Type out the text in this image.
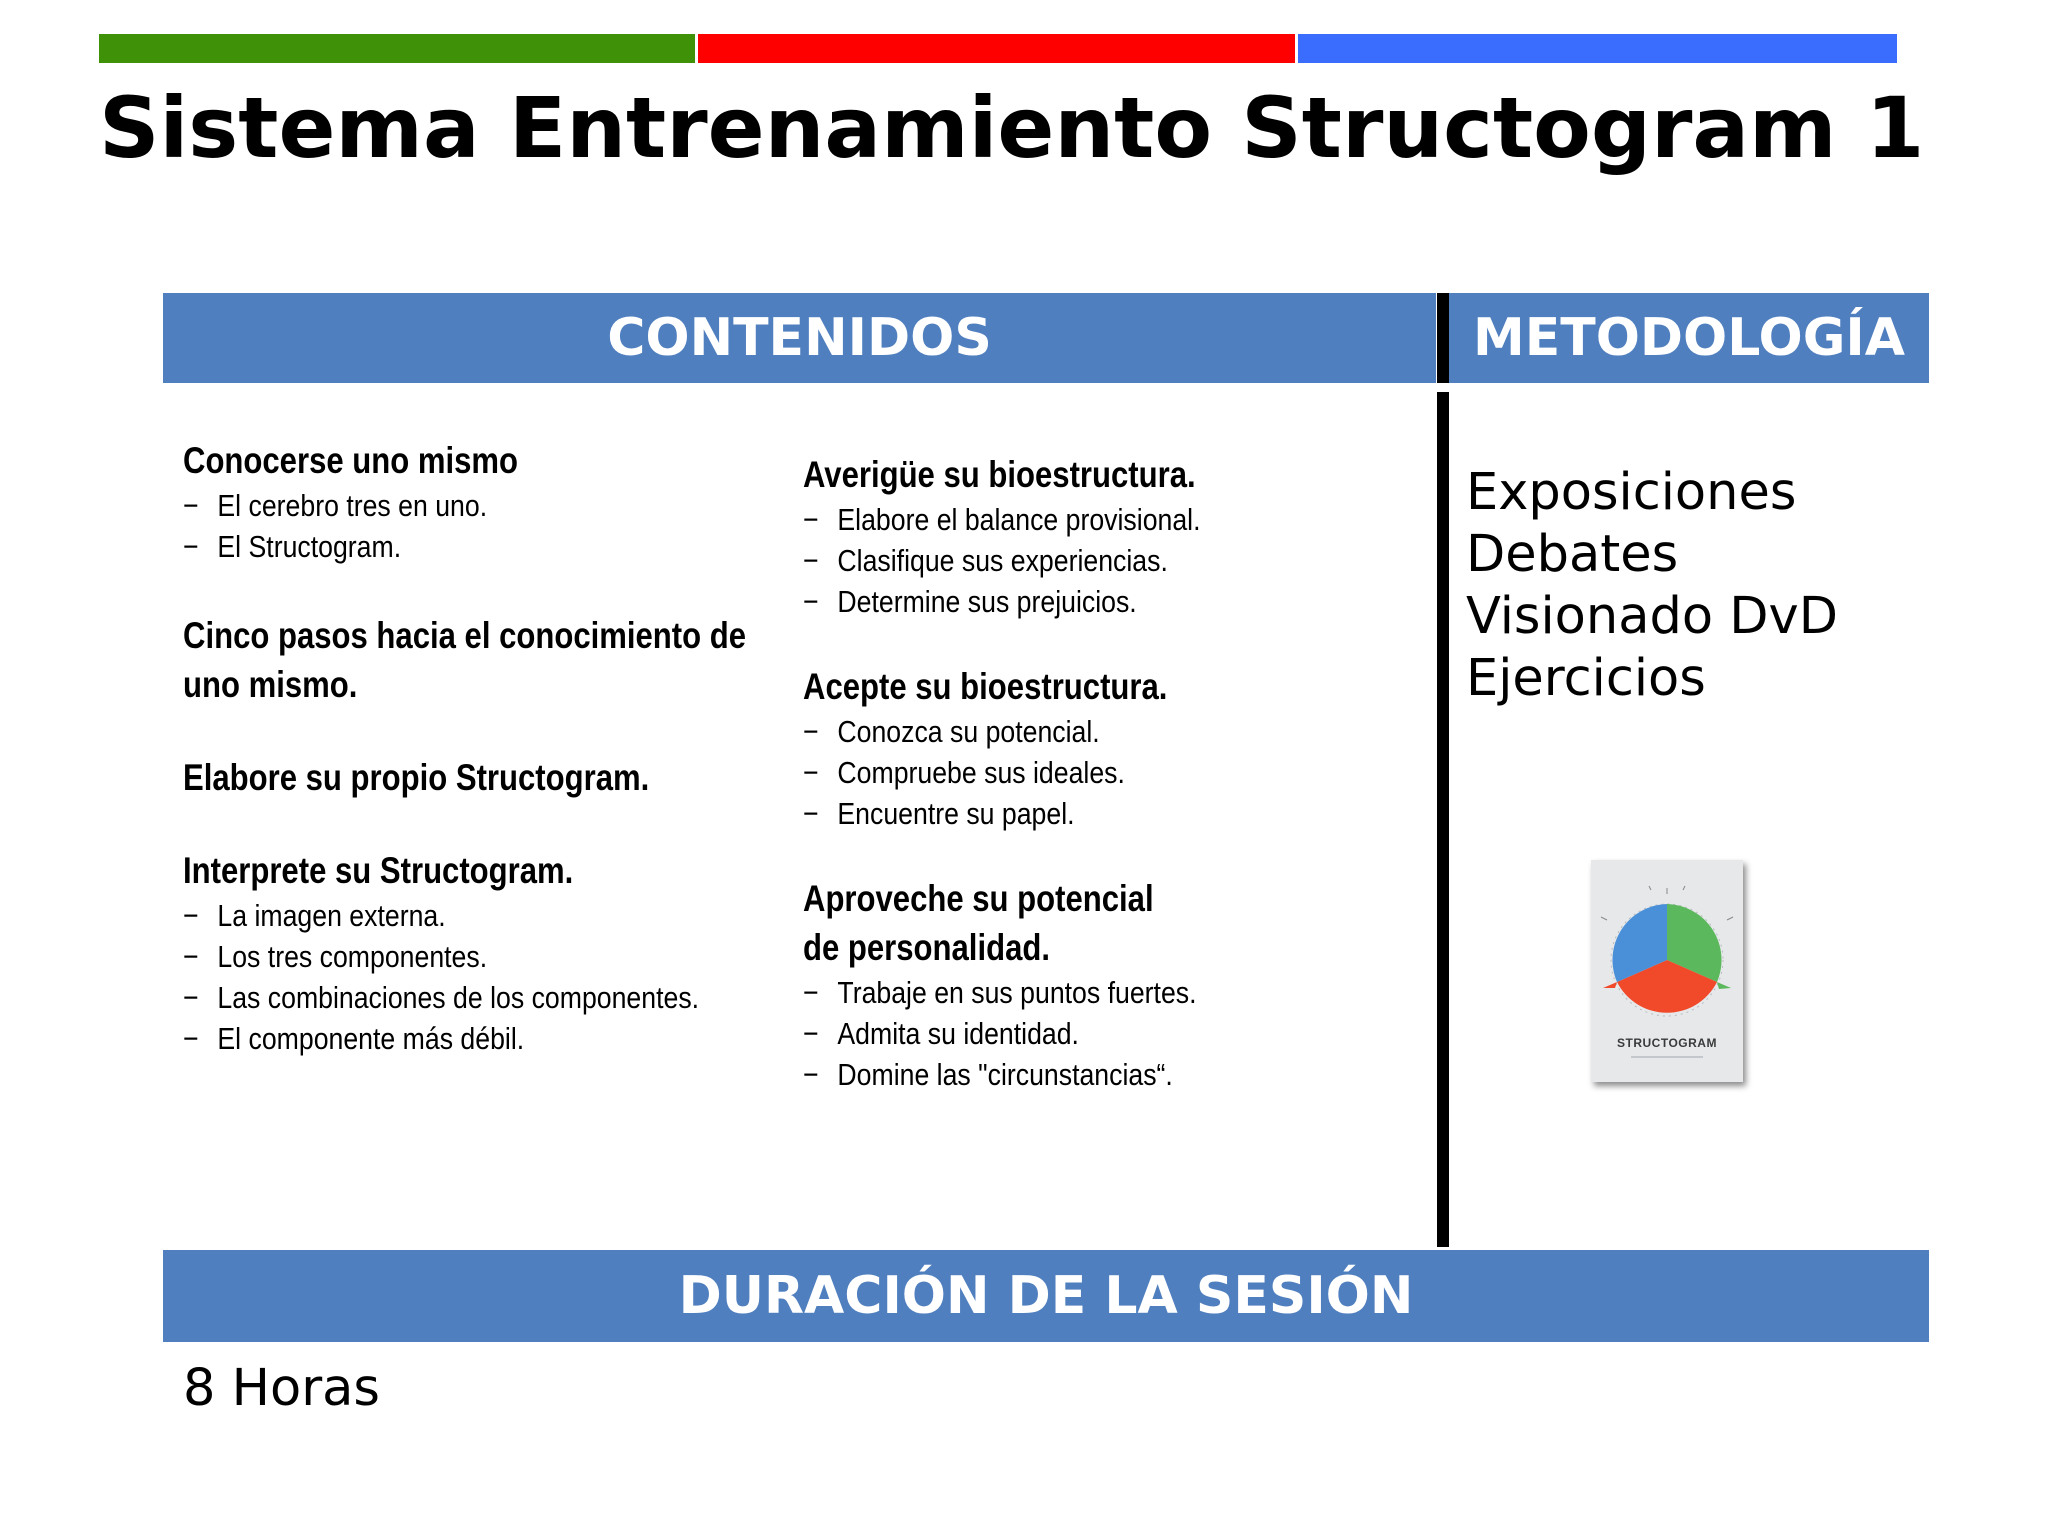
Sistema Entrenamiento Structogram 1
CONTENIDOS	METODOLOGÍA
Conocerse uno mismo
− El cerebro tres en uno.
− El Structogram.
Cinco pasos hacia el conocimiento de uno mismo.
Elabore su propio Structogram.
Interprete su Structogram.
− La imagen externa.
− Los tres componentes.
− Las combinaciones de los componentes.
− El componente más débil.
Averigüe su bioestructura.
− Elabore el balance provisional.
− Clasifique sus experiencias.
− Determine sus prejuicios.
Acepte su bioestructura.
− Conozca su potencial.
− Compruebe sus ideales.
− Encuentre su papel.
Aproveche su potencial de personalidad.
− Trabaje en sus puntos fuertes.
− Admita su identidad.
− Domine las "circunstancias“.
Exposiciones
Debates
Visionado DvD
Ejercicios
STRUCTOGRAM
DURACIÓN DE LA SESIÓN
8 Horas
